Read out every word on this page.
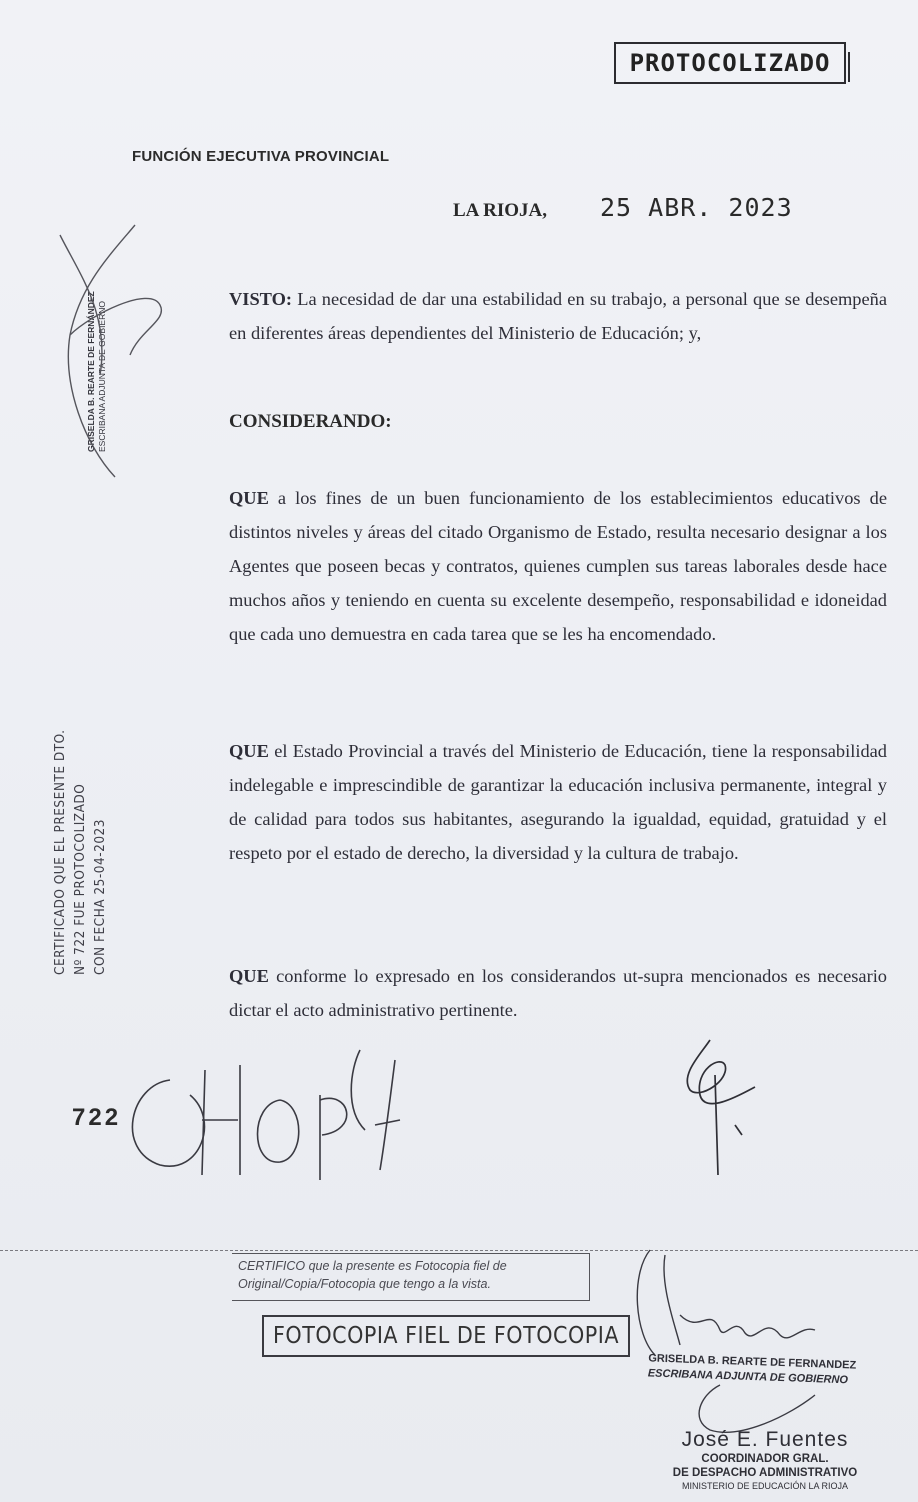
PROTOCOLIZADO
FUNCIÓN EJECUTIVA PROVINCIAL
LA RIOJA, 25 ABR. 2023
VISTO: La necesidad de dar una estabilidad en su trabajo, a personal que se desempeña en diferentes áreas dependientes del Ministerio de Educación; y,
CONSIDERANDO:
QUE a los fines de un buen funcionamiento de los establecimientos educativos de distintos niveles y áreas del citado Organismo de Estado, resulta necesario designar a los Agentes que poseen becas y contratos, quienes cumplen sus tareas laborales desde hace muchos años y teniendo en cuenta su excelente desempeño, responsabilidad e idoneidad que cada uno demuestra en cada tarea que se les ha encomendado.
QUE el Estado Provincial a través del Ministerio de Educación, tiene la responsabilidad indelegable e imprescindible de garantizar la educación inclusiva permanente, integral y de calidad para todos sus habitantes, asegurando la igualdad, equidad, gratuidad y el respeto por el estado de derecho, la diversidad y la cultura de trabajo.
QUE conforme lo expresado en los considerandos ut-supra mencionados es necesario dictar el acto administrativo pertinente.
GRISELDA B. REARTE DE FERNÁNDEZ ESCRIBANA ADJUNTA DE GOBIERNO
CERTIFICADO QUE EL PRESENTE DTO. Nº 722 FUE PROTOCOLIZADO CON FECHA 25-04-2023
722
CERTIFICO que la presente es Fotocopia fiel de
Original/Copia/Fotocopia que tengo a la vista.
FOTOCOPIA FIEL DE FOTOCOPIA
GRISELDA B. REARTE DE FERNANDEZ
ESCRIBANA ADJUNTA DE GOBIERNO
José E. Fuentes
COORDINADOR GRAL.
DE DESPACHO ADMINISTRATIVO
MINISTERIO DE EDUCACIÓN LA RIOJA
